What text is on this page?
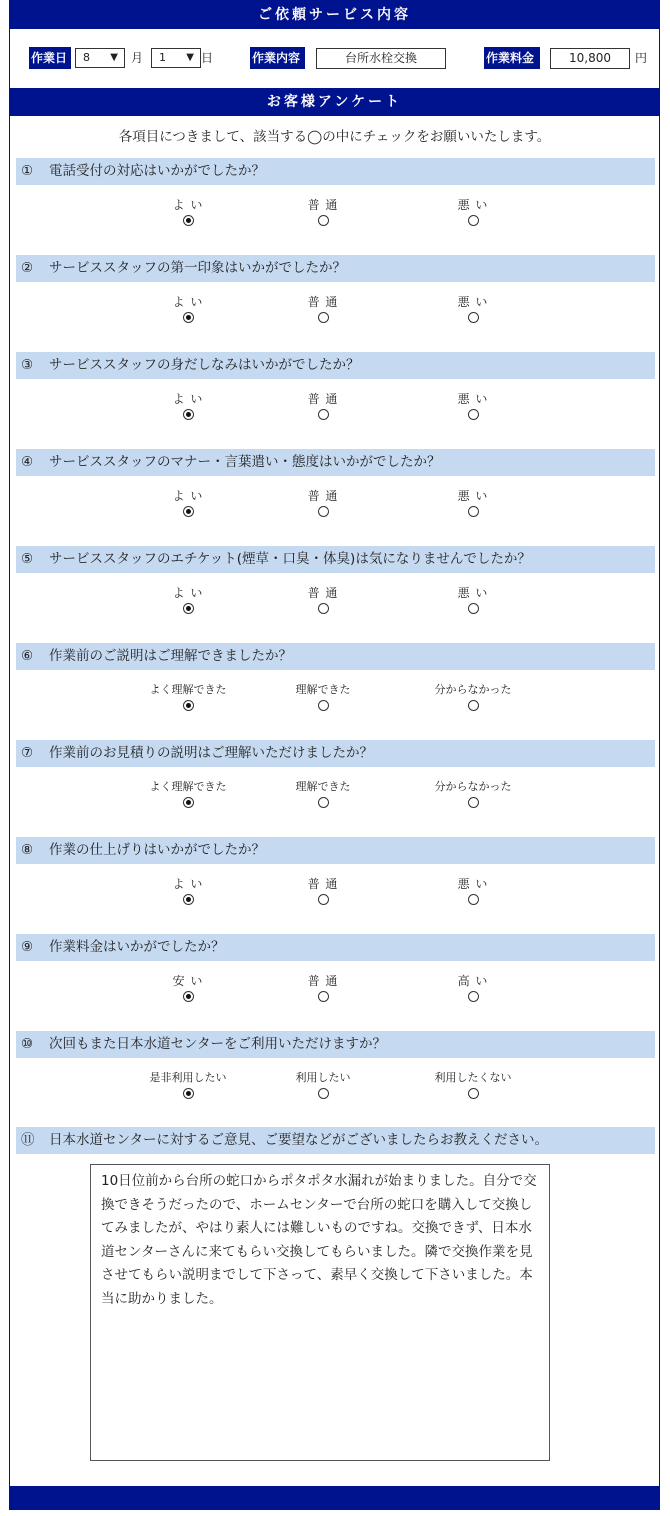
ご依頼サービス内容
作業日	8 ▼ 月	1 ▼ 日	作業内容	台所水栓交換	作業料金	10,800	円
お客様アンケート
各項目につきまして、該当する◯の中にチェックをお願いいたします。
① 電話受付の対応はいかがでしたか？
よ い	普 通	悪 い
② サービススタッフの第一印象はいかがでしたか？
よ い	普 通	悪 い
③ サービススタッフの身だしなみはいかがでしたか？
よ い	普 通	悪 い
④ サービススタッフのマナー・言葉遣い・態度はいかがでしたか？
よ い	普 通	悪 い
⑤ サービススタッフのエチケット(煙草・口臭・体臭)は気になりませんでしたか？
よ い	普 通	悪 い
⑥ 作業前のご説明はご理解できましたか？
よく理解できた	理解できた	分からなかった
⑦ 作業前のお見積りの説明はご理解いただけましたか？
よく理解できた	理解できた	分からなかった
⑧ 作業の仕上げりはいかがでしたか？
よ い	普 通	悪 い
⑨ 作業料金はいかがでしたか？
安 い	普 通	高 い
⑩ 次回もまた日本水道センターをご利用いただけますか？
是非利用したい	利用したい	利用したくない
⑪ 日本水道センターに対するご意見、ご要望などがございましたらお教えください。
10日位前から台所の蛇口からポタポタ水漏れが始まりました。自分で交換できそうだったので、ホームセンターで台所の蛇口を購入して交換してみましたが、やはり素人には難しいものですね。交換できず、日本水道センターさんに来てもらい交換してもらいました。隣で交換作業を見させてもらい説明までして下さって、素早く交換して下さいました。本当に助かりました。
